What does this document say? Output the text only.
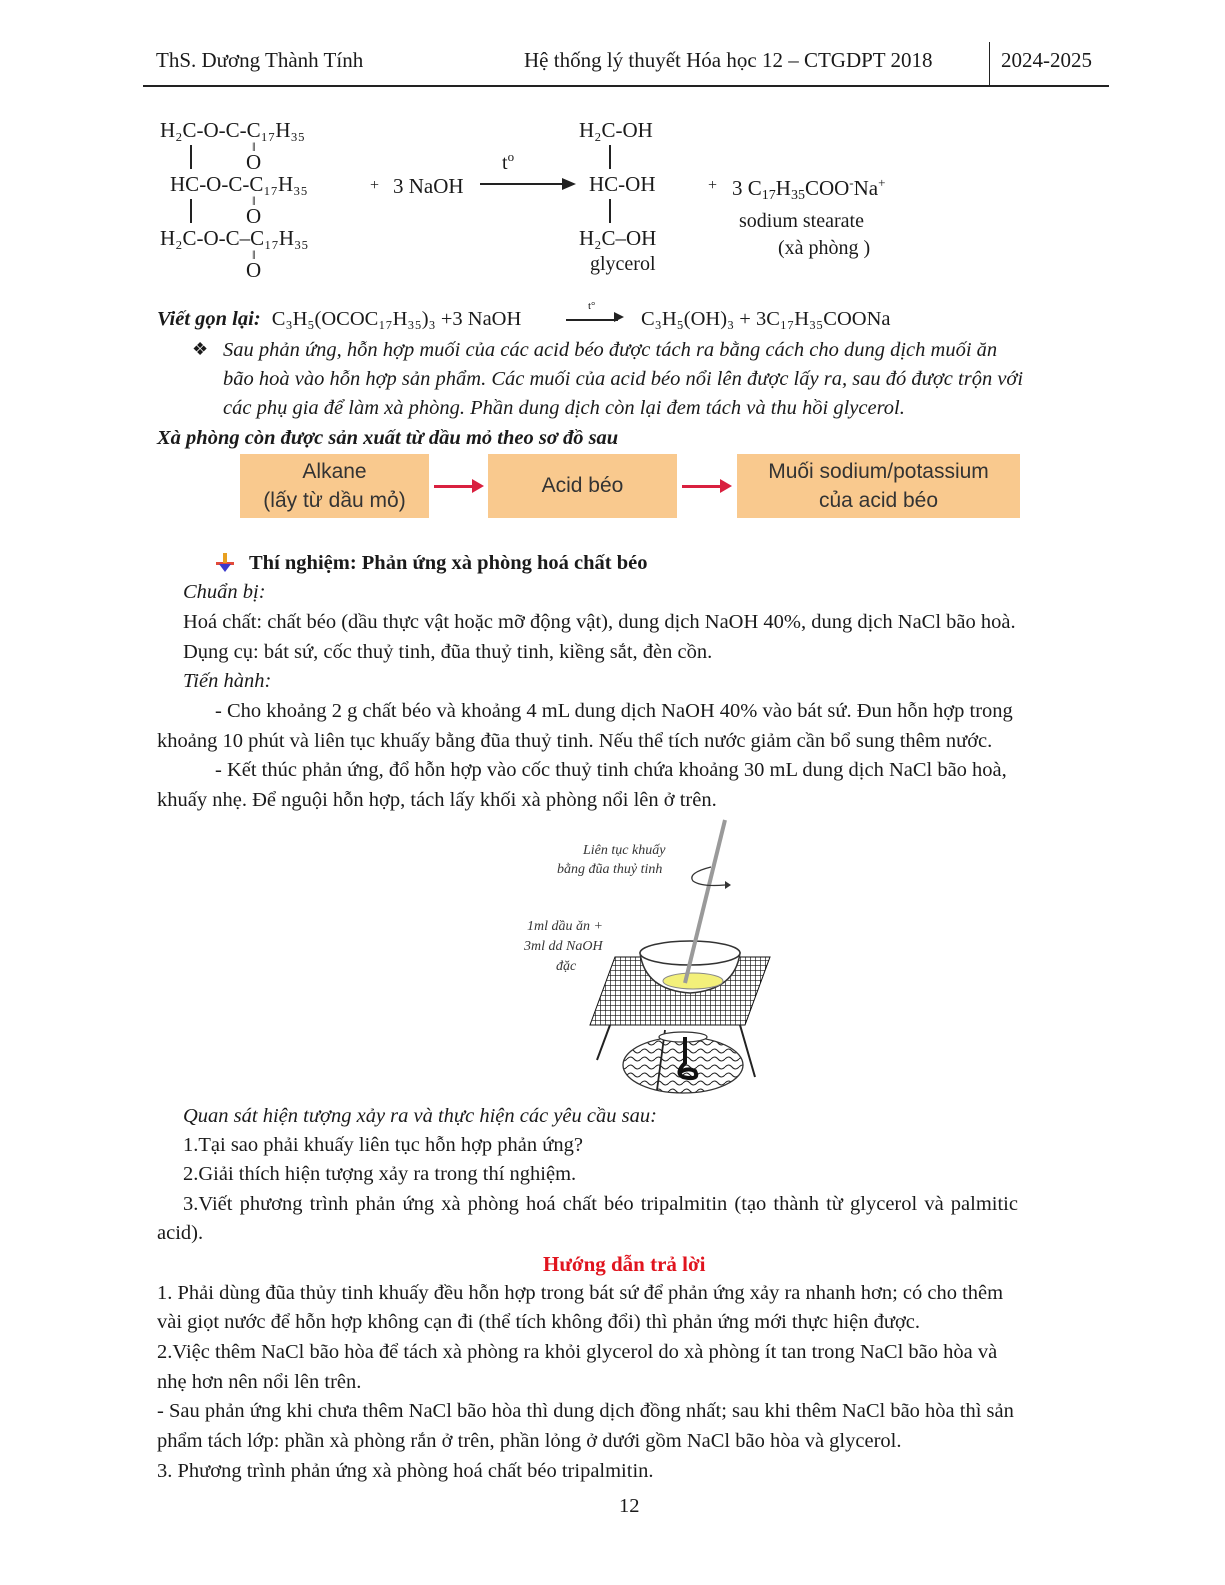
ThS. Dương Thành Tính	Hệ thống lý thuyết Hóa học 12 – CTGDPT 2018	2024-2025
H₂C-O-C-C₁₇H₃₅
‖
O
HC-O-C-C₁₇H₃₅
‖
O
H₂C-O-C–C₁₇H₃₅
‖
O
+ 3 NaOH
$t^o$
H₂C-OH
HC-OH
H₂C–OH
glycerol
+ 3 $C_{17}H_{35}COO^-Na^+$
sodium stearate
(xà phòng )
Viết gọn lại: C₃H₅(OCOC₁₇H₃₅)₃ +3 NaOH
t°
C₃H₅(OH)₃ + 3C₁₇H₃₅COONa
❖ Sau phản ứng, hỗn hợp muối của các acid béo được tách ra bằng cách cho dung dịch muối ăn
bão hoà vào hỗn hợp sản phẩm. Các muối của acid béo nổi lên được lấy ra, sau đó được trộn với
các phụ gia để làm xà phòng. Phần dung dịch còn lại đem tách và thu hồi glycerol.
Xà phòng còn được sản xuất từ dầu mỏ theo sơ đồ sau
Alkane
(lấy từ dầu mỏ)
Acid béo
Muối sodium/potassium
của acid béo
Thí nghiệm: Phản ứng xà phòng hoá chất béo
Chuẩn bị:
Hoá chất: chất béo (dầu thực vật hoặc mỡ động vật), dung dịch NaOH 40%, dung dịch NaCl bão hoà.
Dụng cụ: bát sứ, cốc thuỷ tinh, đũa thuỷ tinh, kiềng sắt, đèn cồn.
Tiến hành:
- Cho khoảng 2 g chất béo và khoảng 4 mL dung dịch NaOH 40% vào bát sứ. Đun hỗn hợp trong
khoảng 10 phút và liên tục khuấy bằng đũa thuỷ tinh. Nếu thể tích nước giảm cần bổ sung thêm nước.
- Kết thúc phản ứng, đổ hỗn hợp vào cốc thuỷ tinh chứa khoảng 30 mL dung dịch NaCl bão hoà,
khuấy nhẹ. Để nguội hỗn hợp, tách lấy khối xà phòng nổi lên ở trên.
Liên tục khuấy
bằng đũa thuỷ tinh
1ml dầu ăn +
3ml dd NaOH
đặc
Quan sát hiện tượng xảy ra và thực hiện các yêu cầu sau:
1.Tại sao phải khuấy liên tục hỗn hợp phản ứng?
2.Giải thích hiện tượng xảy ra trong thí nghiệm.
3.Viết phương trình phản ứng xà phòng hoá chất béo tripalmitin (tạo thành từ glycerol và palmitic
acid).
Hướng dẫn trả lời
1. Phải dùng đũa thủy tinh khuấy đều hỗn hợp trong bát sứ để phản ứng xảy ra nhanh hơn; có cho thêm
vài giọt nước để hỗn hợp không cạn đi (thể tích không đổi) thì phản ứng mới thực hiện được.
2.Việc thêm NaCl bão hòa để tách xà phòng ra khỏi glycerol do xà phòng ít tan trong NaCl bão hòa và
nhẹ hơn nên nổi lên trên.
- Sau phản ứng khi chưa thêm NaCl bão hòa thì dung dịch đồng nhất; sau khi thêm NaCl bão hòa thì sản
phẩm tách lớp: phần xà phòng rắn ở trên, phần lỏng ở dưới gồm NaCl bão hòa và glycerol.
3. Phương trình phản ứng xà phòng hoá chất béo tripalmitin.
12
